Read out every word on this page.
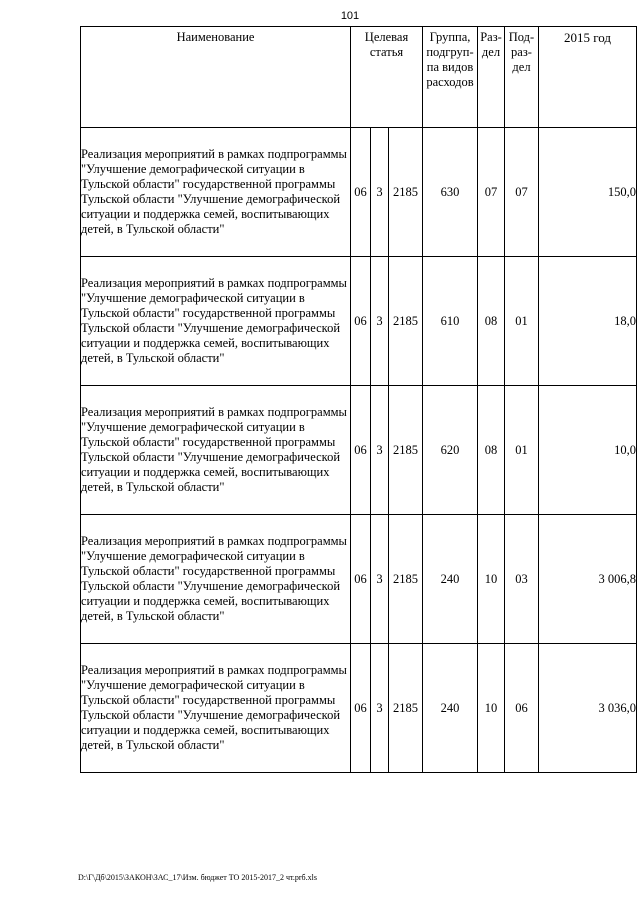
101
Наименование	Целевая статья			Группа, подгруп-па видов расходов	Раз-дел	Под-раз-дел	2015 год

Реализация мероприятий в рамках подпрограммы "Улучшение демографической ситуации в Тульской области" государственной программы Тульской области "Улучшение демографической ситуации и поддержка семей, воспитывающих детей, в Тульской области"	06	3	2185	630	07	07	150,0
Реализация мероприятий в рамках подпрограммы "Улучшение демографической ситуации в Тульской области" государственной программы Тульской области "Улучшение демографической ситуации и поддержка семей, воспитывающих детей, в Тульской области"	06	3	2185	610	08	01	18,0
Реализация мероприятий в рамках подпрограммы "Улучшение демографической ситуации в Тульской области" государственной программы Тульской области "Улучшение демографической ситуации и поддержка семей, воспитывающих детей, в Тульской области"	06	3	2185	620	08	01	10,0
Реализация мероприятий в рамках подпрограммы "Улучшение демографической ситуации в Тульской области" государственной программы Тульской области "Улучшение демографической ситуации и поддержка семей, воспитывающих детей, в Тульской области"	06	3	2185	240	10	03	3 006,8
Реализация мероприятий в рамках подпрограммы "Улучшение демографической ситуации в Тульской области" государственной программы Тульской области "Улучшение демографической ситуации и поддержка семей, воспитывающих детей, в Тульской области"	06	3	2185	240	10	06	3 036,0
D:\Г\Дб\2015\ЗАКОН\ЗАС_17\Изм. бюджет ТО 2015-2017_2 чт.prб.xls
